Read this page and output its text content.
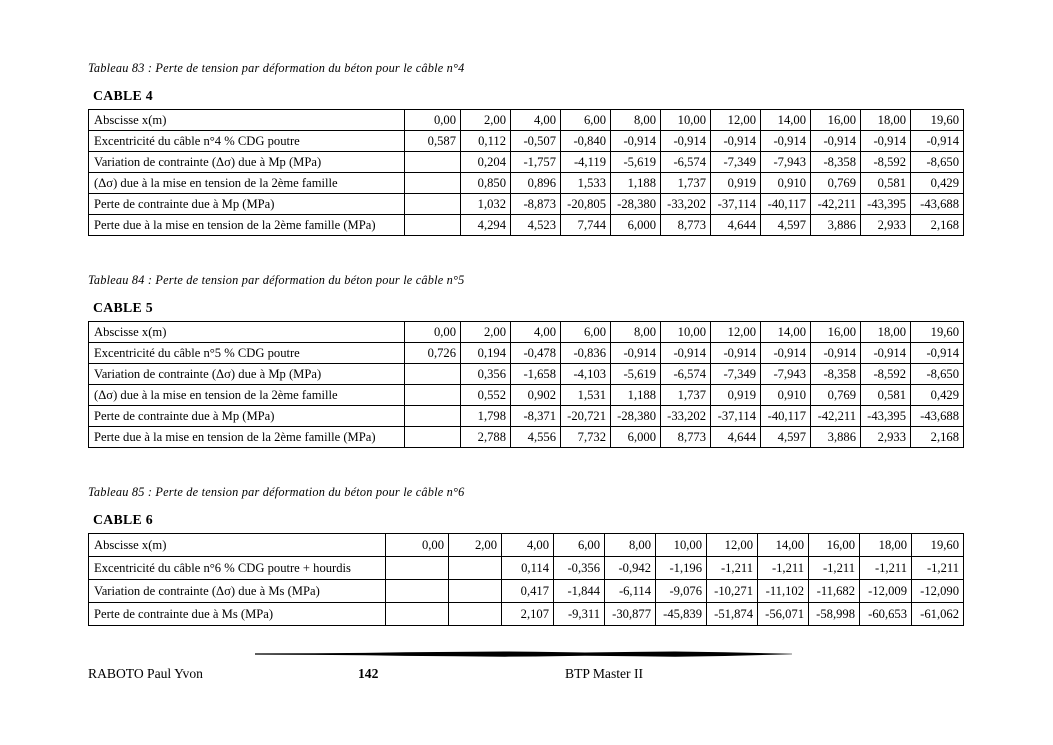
Tableau 83 : Perte de tension par déformation du béton pour le câble n°4

CABLE 4
Abscisse x(m)	0,00	2,00	4,00	6,00	8,00	10,00	12,00	14,00	16,00	18,00	19,60
Excentricité du câble n°4 % CDG poutre	0,587	0,112	-0,507	-0,840	-0,914	-0,914	-0,914	-0,914	-0,914	-0,914	-0,914
Variation de contrainte (Δσ) due à Mp (MPa)		0,204	-1,757	-4,119	-5,619	-6,574	-7,349	-7,943	-8,358	-8,592	-8,650
(Δσ) due à la mise en tension de la 2ème famille		0,850	0,896	1,533	1,188	1,737	0,919	0,910	0,769	0,581	0,429
Perte de contrainte due à Mp (MPa)		1,032	-8,873	-20,805	-28,380	-33,202	-37,114	-40,117	-42,211	-43,395	-43,688
Perte due à la mise en tension de la 2ème famille (MPa)		4,294	4,523	7,744	6,000	8,773	4,644	4,597	3,886	2,933	2,168

Tableau 84 : Perte de tension par déformation du béton pour le câble n°5

CABLE 5
Abscisse x(m)	0,00	2,00	4,00	6,00	8,00	10,00	12,00	14,00	16,00	18,00	19,60
Excentricité du câble n°5 % CDG poutre	0,726	0,194	-0,478	-0,836	-0,914	-0,914	-0,914	-0,914	-0,914	-0,914	-0,914
Variation de contrainte (Δσ) due à Mp (MPa)		0,356	-1,658	-4,103	-5,619	-6,574	-7,349	-7,943	-8,358	-8,592	-8,650
(Δσ) due à la mise en tension de la 2ème famille		0,552	0,902	1,531	1,188	1,737	0,919	0,910	0,769	0,581	0,429
Perte de contrainte due à Mp (MPa)		1,798	-8,371	-20,721	-28,380	-33,202	-37,114	-40,117	-42,211	-43,395	-43,688
Perte due à la mise en tension de la 2ème famille (MPa)		2,788	4,556	7,732	6,000	8,773	4,644	4,597	3,886	2,933	2,168

Tableau 85 : Perte de tension par déformation du béton pour le câble n°6

CABLE 6
Abscisse x(m)	0,00	2,00	4,00	6,00	8,00	10,00	12,00	14,00	16,00	18,00	19,60
Excentricité du câble n°6 % CDG poutre + hourdis			0,114	-0,356	-0,942	-1,196	-1,211	-1,211	-1,211	-1,211	-1,211
Variation de contrainte (Δσ) due à Ms (MPa)			0,417	-1,844	-6,114	-9,076	-10,271	-11,102	-11,682	-12,009	-12,090
Perte de contrainte due à Ms (MPa)			2,107	-9,311	-30,877	-45,839	-51,874	-56,071	-58,998	-60,653	-61,062
RABOTO Paul Yvon	142	BTP Master II
